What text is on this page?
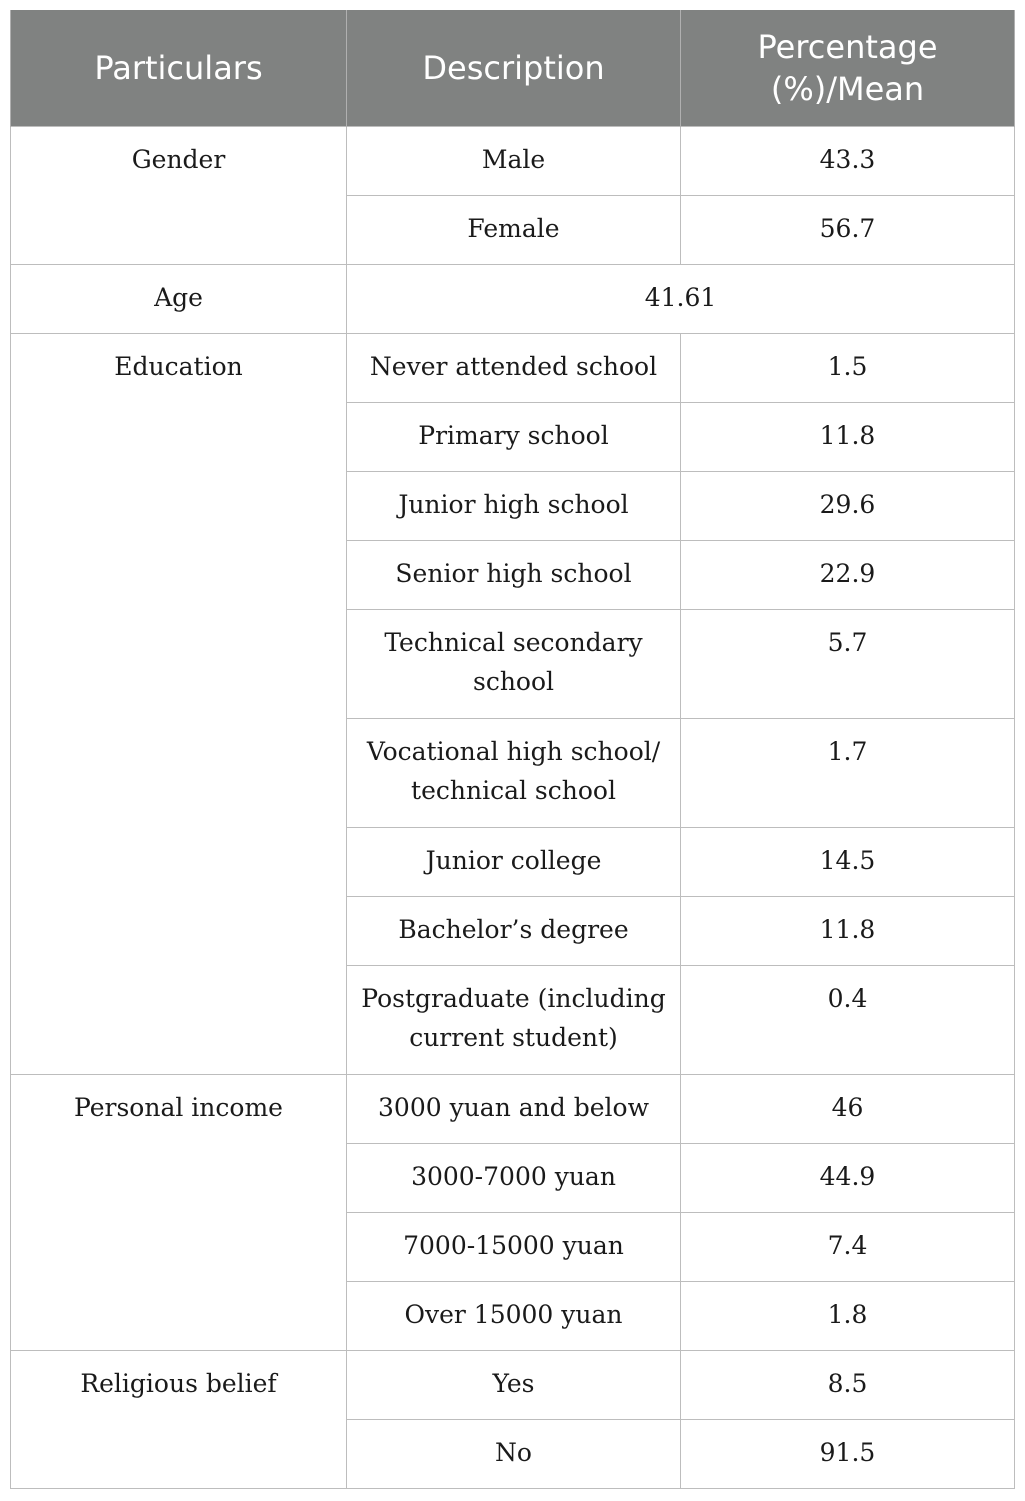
Particulars	Description	Percentage (%)/Mean
Gender	Male	43.3
	Female	56.7
Age	41.61	
Education	Never attended school	1.5
	Primary school	11.8
	Junior high school	29.6
	Senior high school	22.9
	Technical secondary school	5.7
	Vocational high school/ technical school	1.7
	Junior college	14.5
	Bachelor’s degree	11.8
	Postgraduate (including current student)	0.4
Personal income	3000 yuan and below	46
	3000-7000 yuan	44.9
	7000-15000 yuan	7.4
	Over 15000 yuan	1.8
Religious belief	Yes	8.5
	No	91.5
